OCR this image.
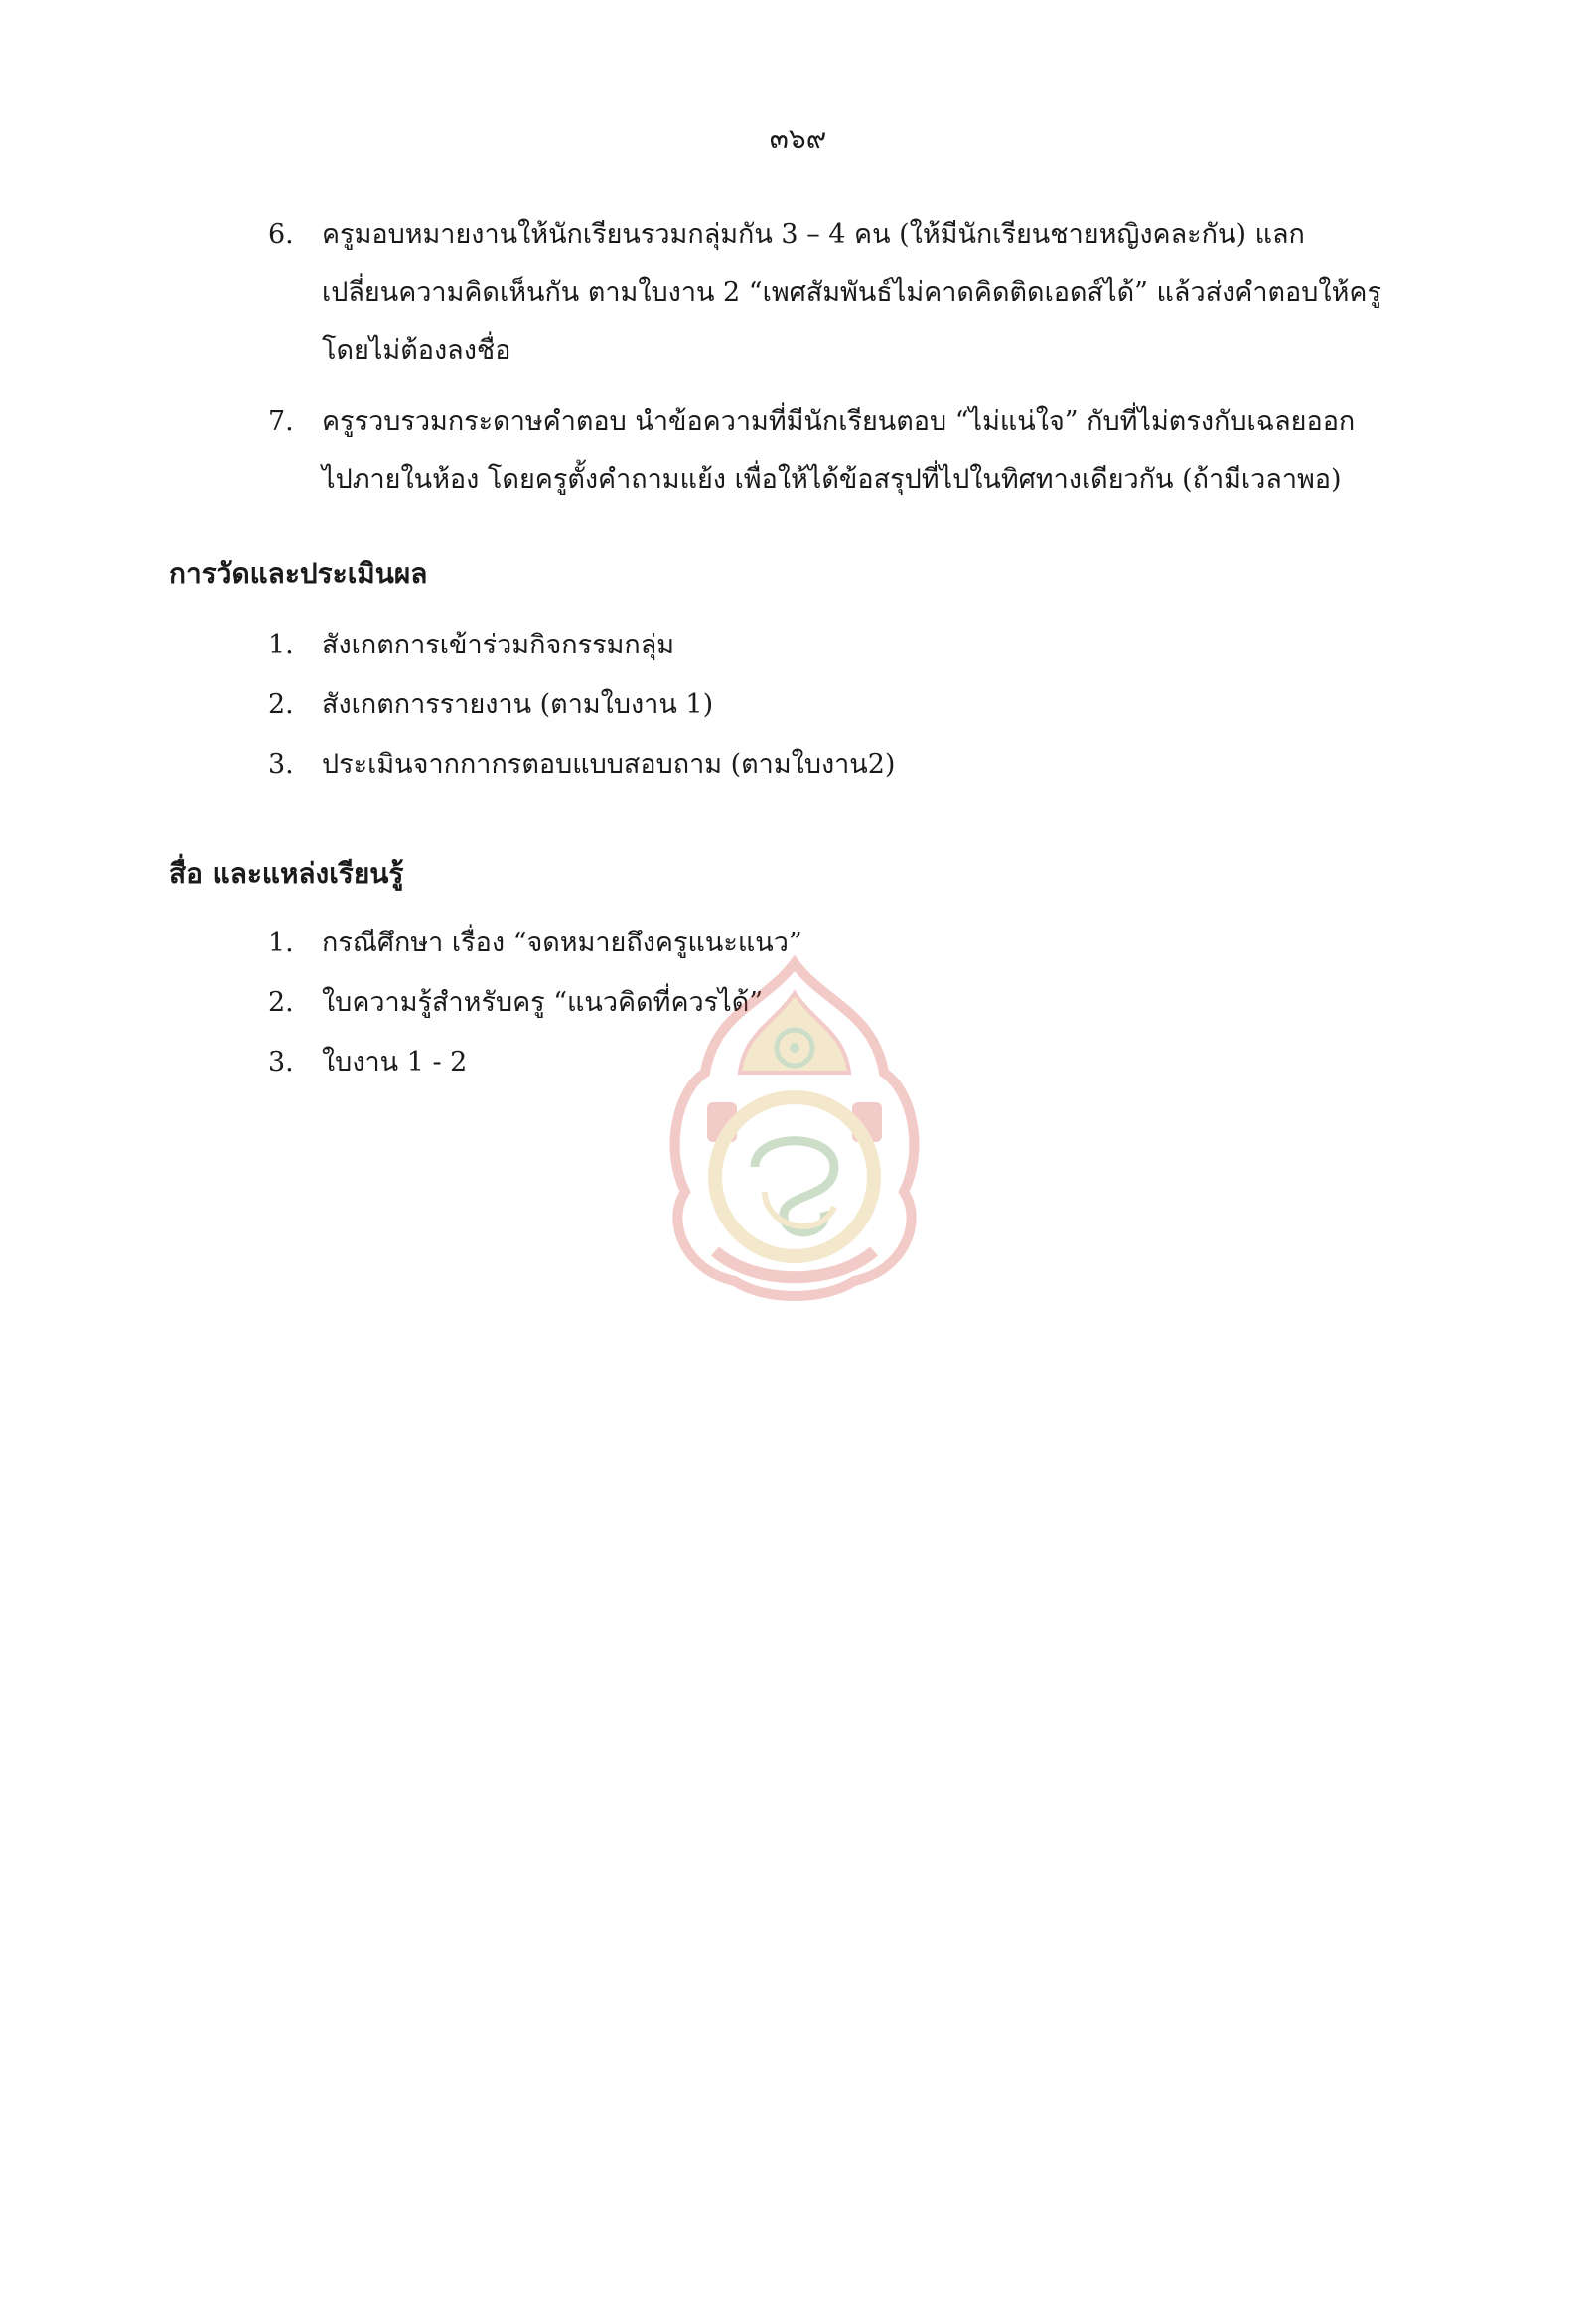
๓๖๙
6. ครูมอบหมายงานให้นักเรียนรวมกลุ่มกัน 3 – 4 คน (ให้มีนักเรียนชายหญิงคละกัน) แลก
เปลี่ยนความคิดเห็นกัน ตามใบงาน 2 “เพศสัมพันธ์ไม่คาดคิดติดเอดส์ได้” แล้วส่งคำตอบให้ครู
โดยไม่ต้องลงชื่อ
7. ครูรวบรวมกระดาษคำตอบ นำข้อความที่มีนักเรียนตอบ “ไม่แน่ใจ” กับที่ไม่ตรงกับเฉลยออก
ไปภายในห้อง โดยครูตั้งคำถามแย้ง เพื่อให้ได้ข้อสรุปที่ไปในทิศทางเดียวกัน (ถ้ามีเวลาพอ)
การวัดและประเมินผล
1. สังเกตการเข้าร่วมกิจกรรมกลุ่ม
2. สังเกตการรายงาน (ตามใบงาน 1)
3. ประเมินจากกากรตอบแบบสอบถาม (ตามใบงาน2)
สื่อ และแหล่งเรียนรู้
1. กรณีศึกษา เรื่อง “จดหมายถึงครูแนะแนว”
2. ใบความรู้สำหรับครู “แนวคิดที่ควรได้”
3. ใบงาน 1 - 2
